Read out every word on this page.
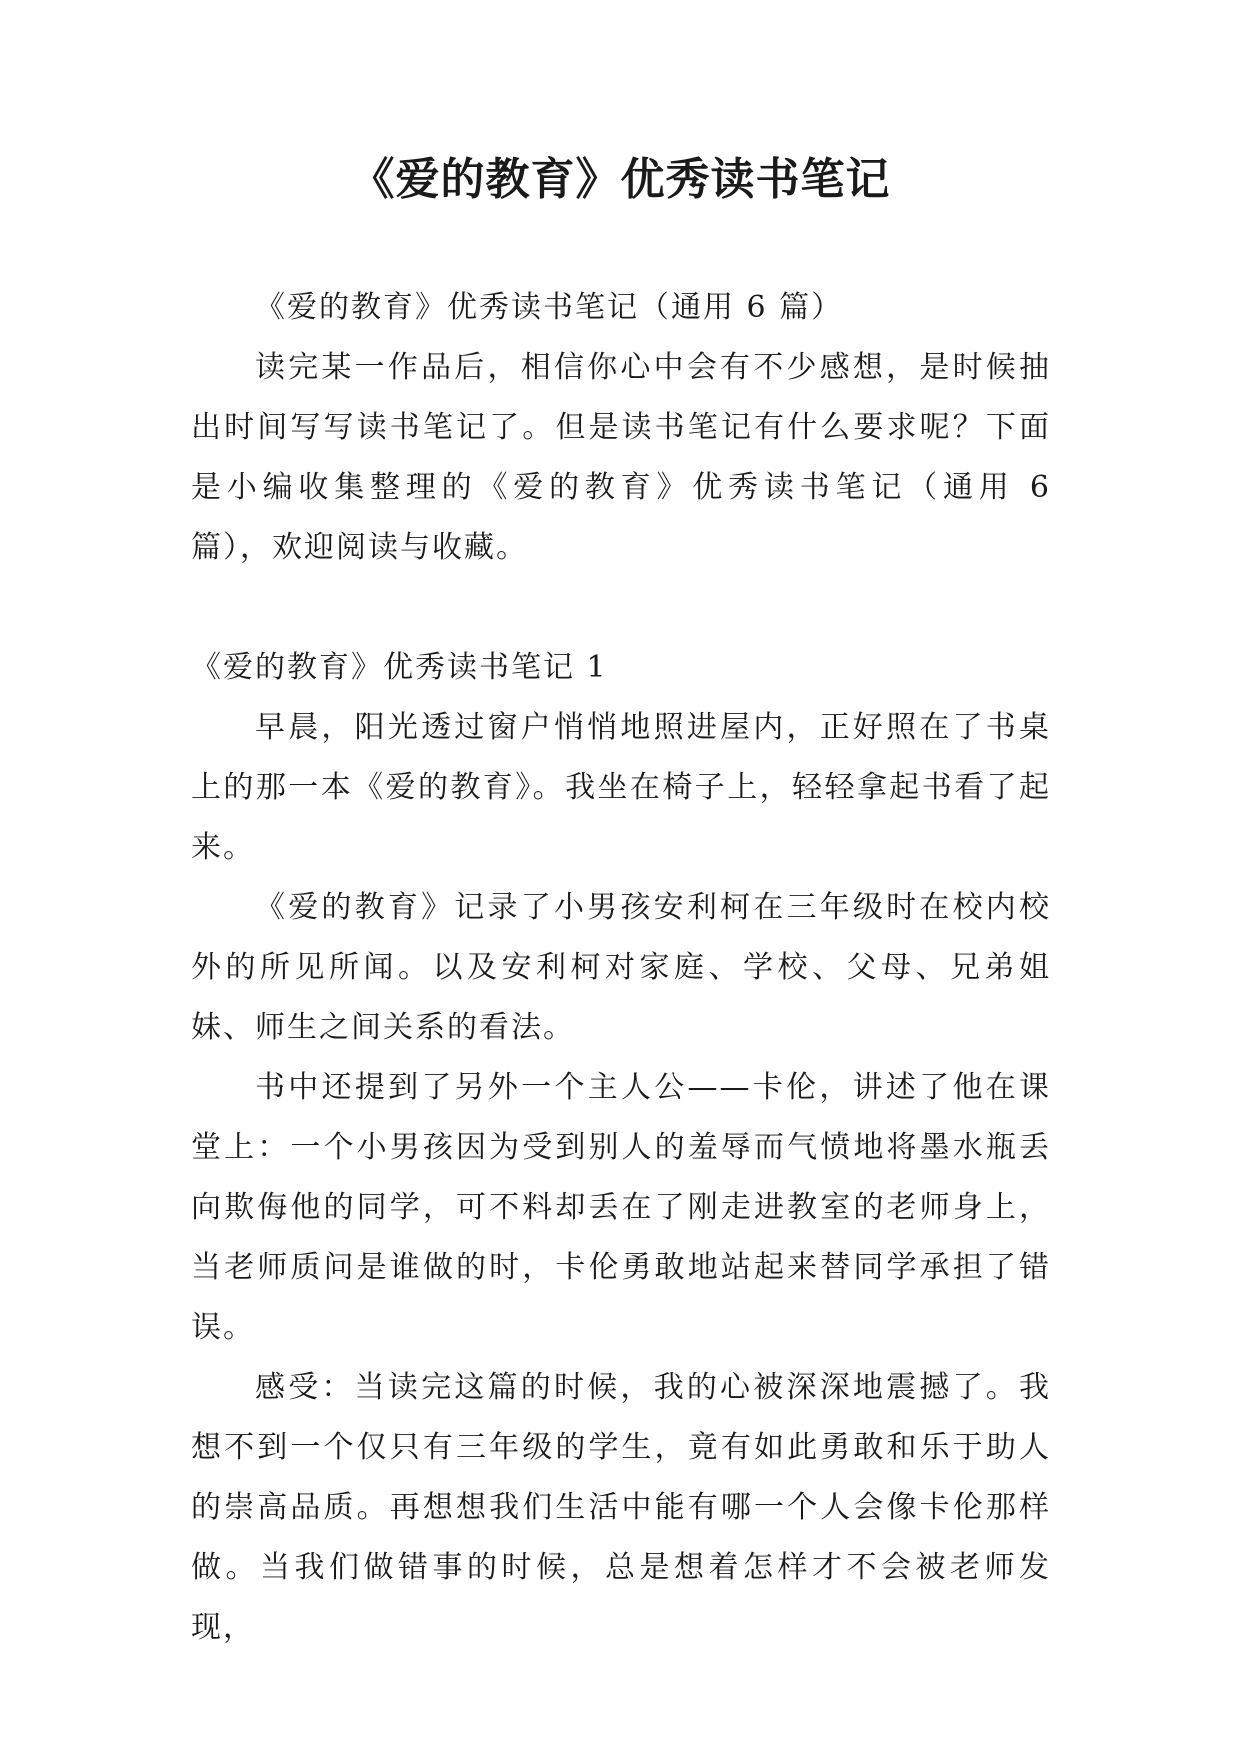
《爱的教育》优秀读书笔记

《爱的教育》优秀读书笔记（通用 6 篇）

读完某一作品后，相信你心中会有不少感想，是时候抽出时间写写读书笔记了。但是读书笔记有什么要求呢？下面是小编收集整理的《爱的教育》优秀读书笔记（通用 6 篇），欢迎阅读与收藏。

《爱的教育》优秀读书笔记 1

早晨，阳光透过窗户悄悄地照进屋内，正好照在了书桌上的那一本《爱的教育》。我坐在椅子上，轻轻拿起书看了起来。

《爱的教育》记录了小男孩安利柯在三年级时在校内校外的所见所闻。以及安利柯对家庭、学校、父母、兄弟姐妹、师生之间关系的看法。

书中还提到了另外一个主人公——卡伦，讲述了他在课堂上：一个小男孩因为受到别人的羞辱而气愤地将墨水瓶丢向欺侮他的同学，可不料却丢在了刚走进教室的老师身上，当老师质问是谁做的时，卡伦勇敢地站起来替同学承担了错误。

感受：当读完这篇的时候，我的心被深深地震撼了。我想不到一个仅只有三年级的学生，竟有如此勇敢和乐于助人的崇高品质。再想想我们生活中能有哪一个人会像卡伦那样做。当我们做错事的时候，总是想着怎样才不会被老师发现，
